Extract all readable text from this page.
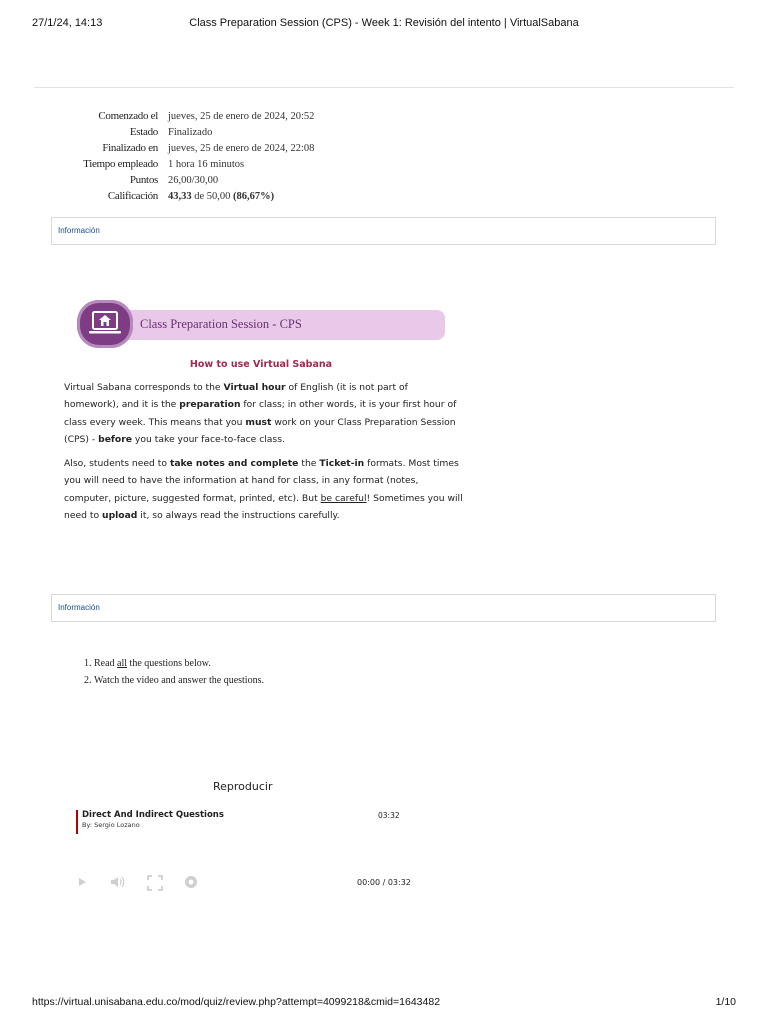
27/1/24, 14:13	Class Preparation Session (CPS) - Week 1: Revisión del intento | VirtualSabana
Comenzado el	jueves, 25 de enero de 2024, 20:52
Estado	Finalizado
Finalizado en	jueves, 25 de enero de 2024, 22:08
Tiempo empleado	1 hora 16 minutos
Puntos	26,00/30,00
Calificación	43,33 de 50,00 (86,67%)
Información
Class Preparation Session - CPS
How to use Virtual Sabana

Virtual Sabana corresponds to the Virtual hour of English (it is not part of homework), and it is the preparation for class; in other words, it is your first hour of class every week. This means that you must work on your Class Preparation Session (CPS) - before you take your face-to-face class.

Also, students need to take notes and complete the Ticket-in formats. Most times you will need to have the information at hand for class, in any format (notes, computer, picture, suggested format, printed, etc). But be careful! Sometimes you will need to upload it, so always read the instructions carefully.

Información
1. Read all the questions below.
2. Watch the video and answer the questions.
Reproducir
Direct And Indirect Questions
By: Sergio Lozano
03:32
00:00 / 03:32
https://virtual.unisabana.edu.co/mod/quiz/review.php?attempt=4099218&cmid=1643482	1/10
